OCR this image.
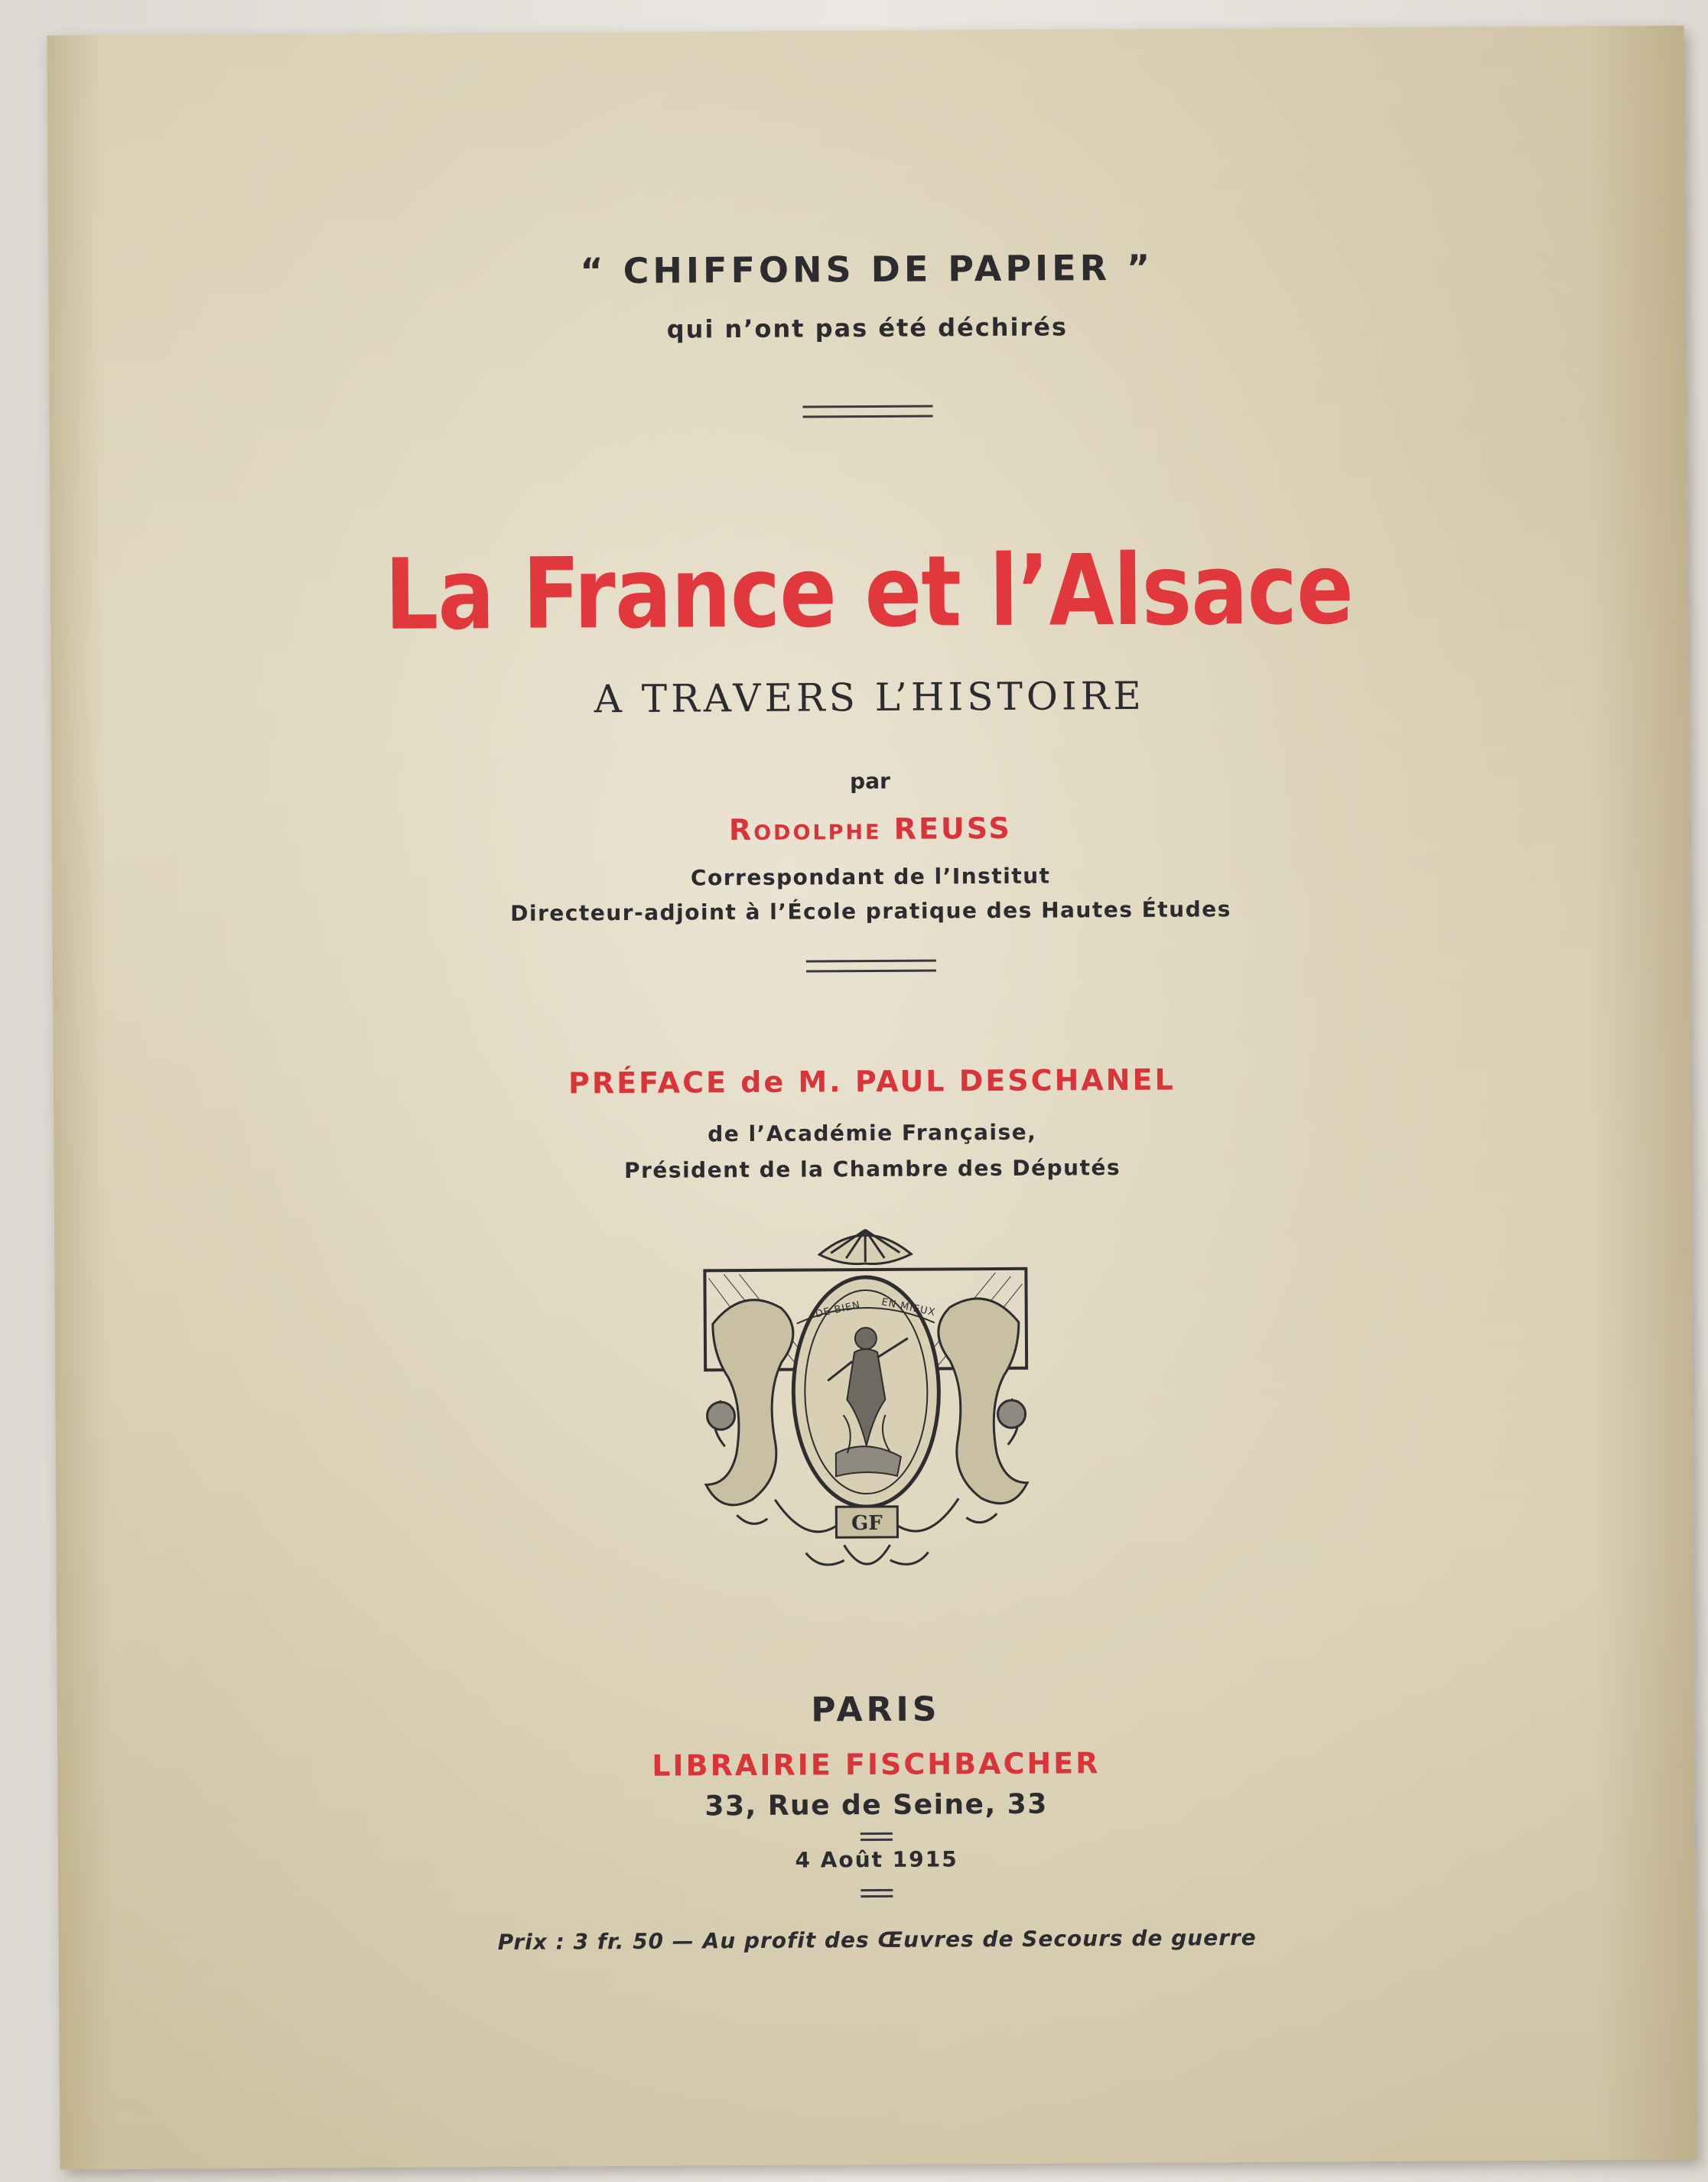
“ CHIFFONS DE PAPIER ”
qui n’ont pas été déchirés
La France et l’Alsace
A TRAVERS L’HISTOIRE
par
Rodolphe REUSS
Correspondant de l’Institut
Directeur-adjoint à l’École pratique des Hautes Études
PRÉFACE de M. PAUL DESCHANEL
de l’Académie Française,
Président de la Chambre des Députés
DE BIEN EN MIEUX
GF
PARIS
LIBRAIRIE FISCHBACHER
33, Rue de Seine, 33
4 Août 1915
Prix : 3 fr. 50 — Au profit des Œuvres de Secours de guerre
